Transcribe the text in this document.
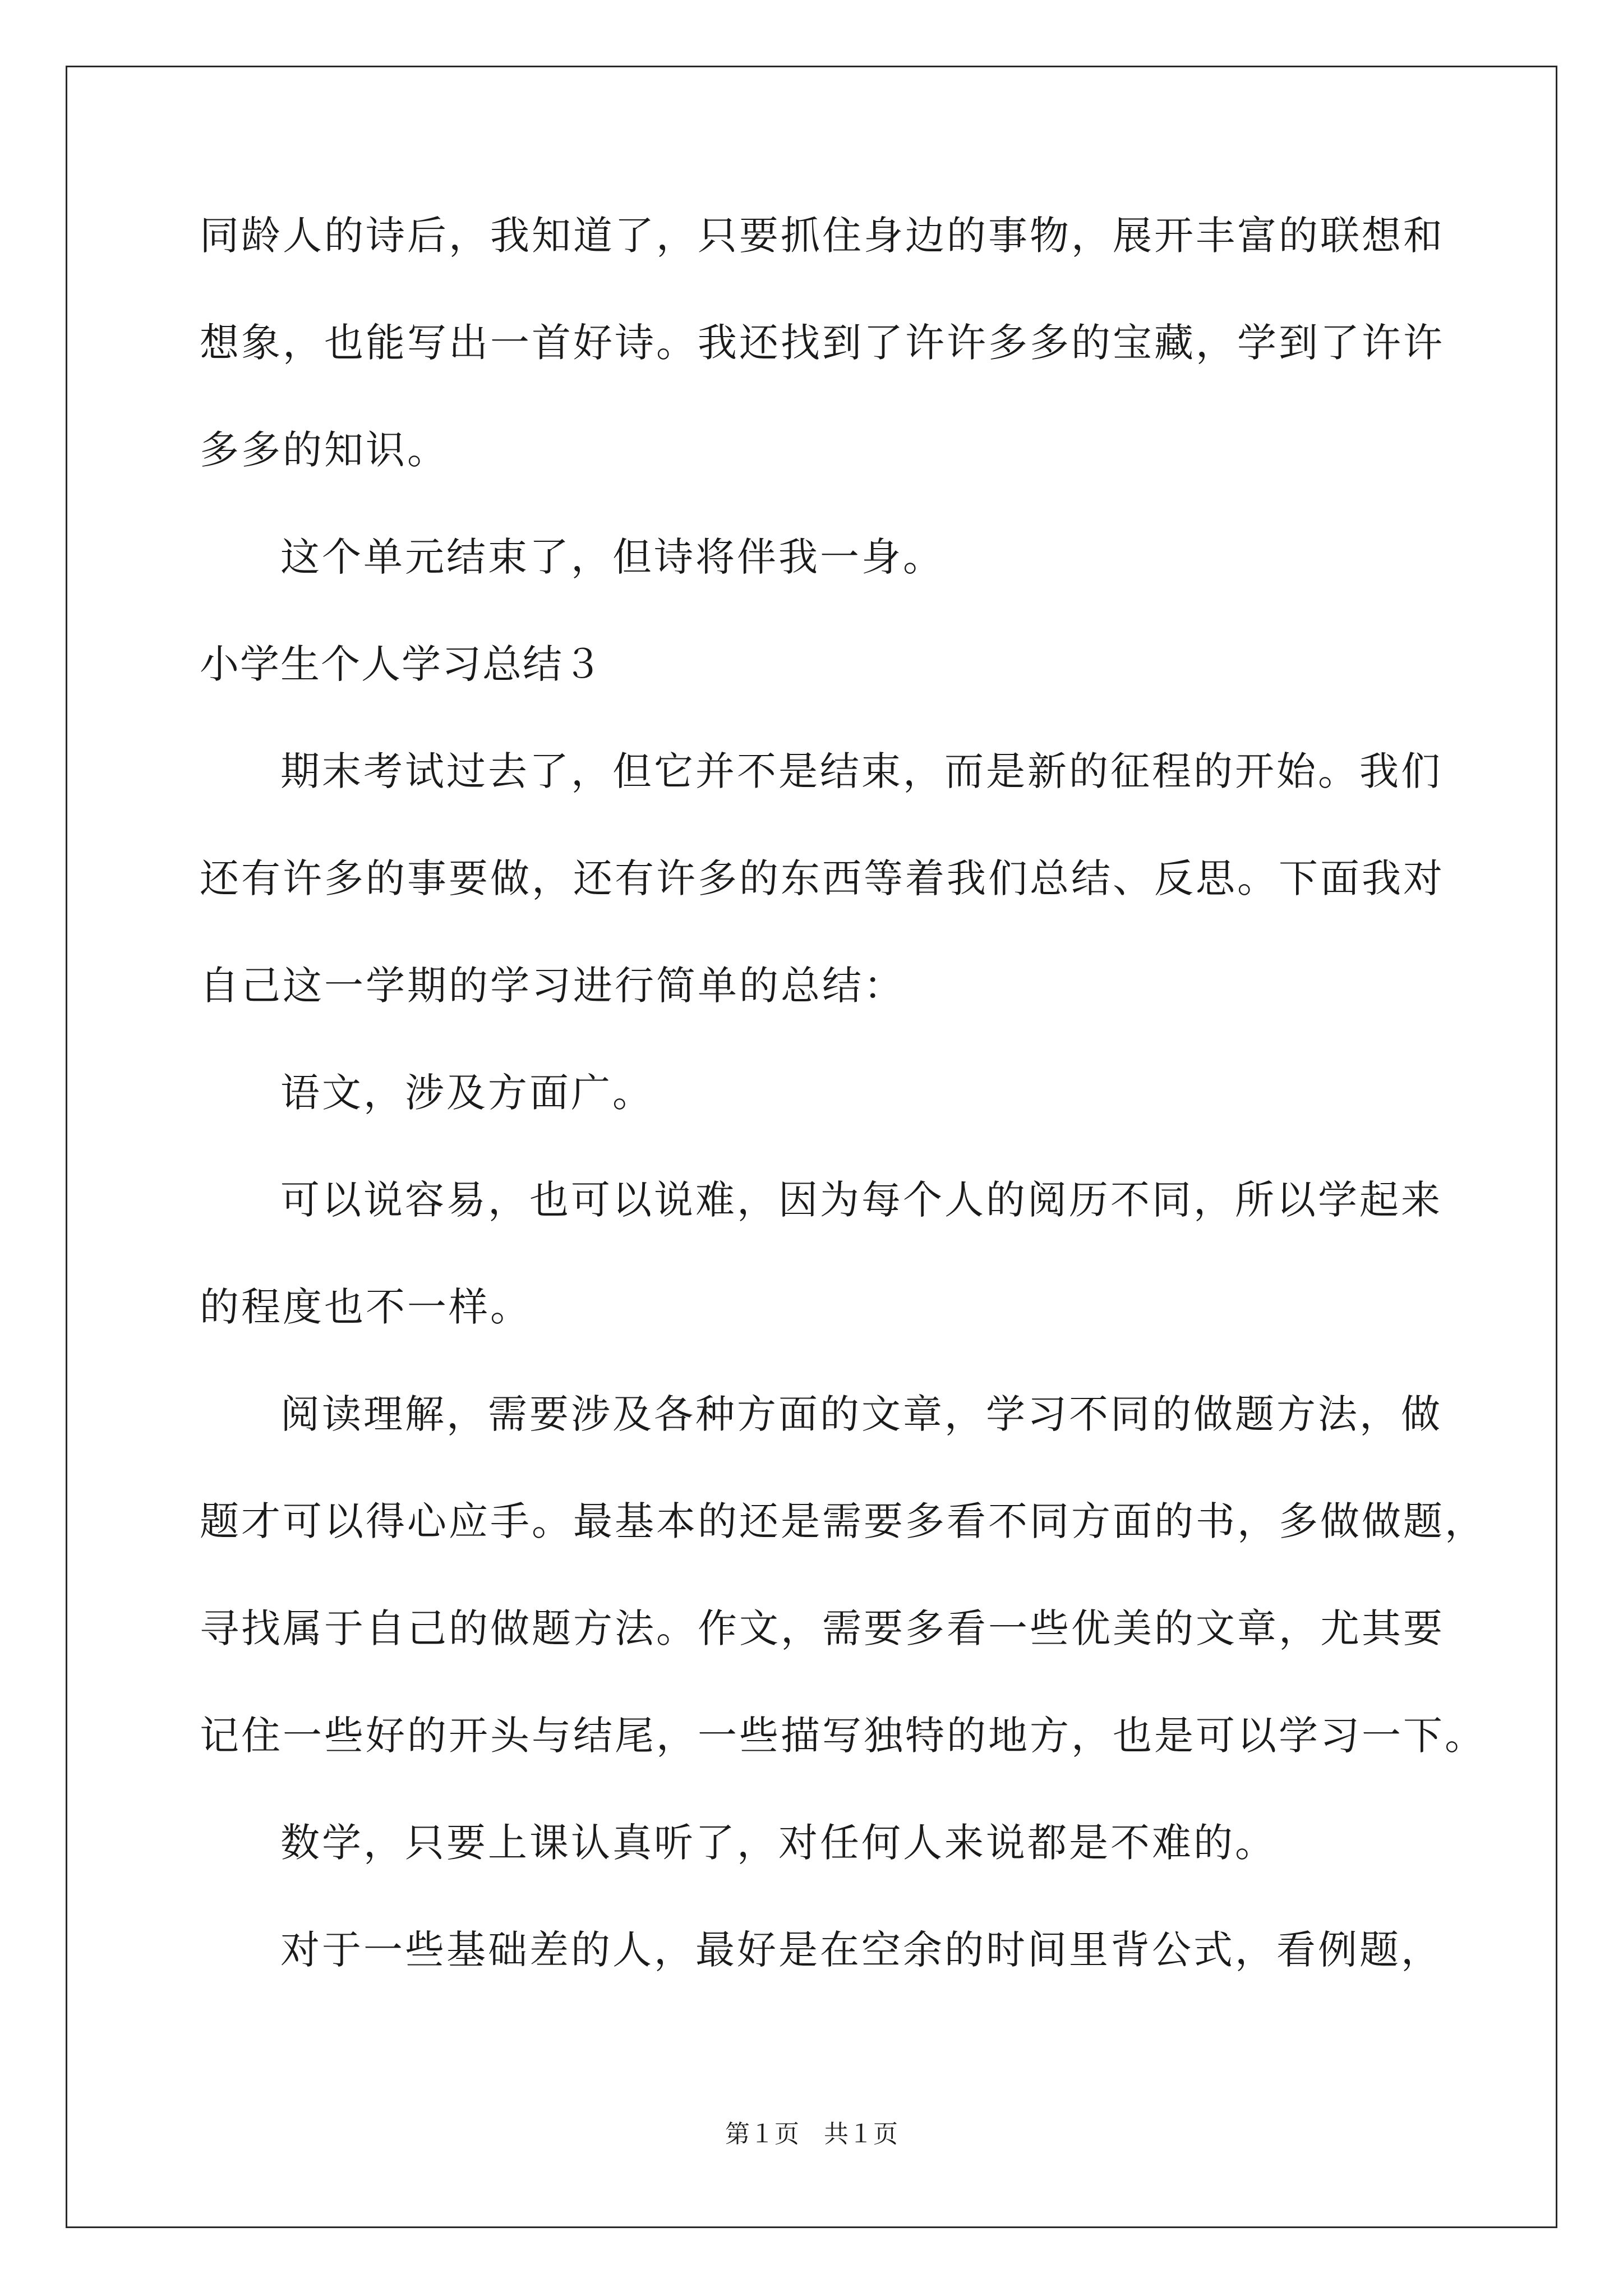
同龄人的诗后，我知道了，只要抓住身边的事物，展开丰富的联想和

想象，也能写出一首好诗。我还找到了许许多多的宝藏，学到了许许

多多的知识。

这个单元结束了，但诗将伴我一身。

小学生个人学习总结３

期末考试过去了，但它并不是结束，而是新的征程的开始。我们

还有许多的事要做，还有许多的东西等着我们总结、反思。下面我对

自己这一学期的学习进行简单的总结：

语文，涉及方面广。

可以说容易，也可以说难，因为每个人的阅历不同，所以学起来

的程度也不一样。

阅读理解，需要涉及各种方面的文章，学习不同的做题方法，做

题才可以得心应手。最基本的还是需要多看不同方面的书，多做做题，

寻找属于自己的做题方法。作文，需要多看一些优美的文章，尤其要

记住一些好的开头与结尾，一些描写独特的地方，也是可以学习一下。

数学，只要上课认真听了，对任何人来说都是不难的。

对于一些基础差的人，最好是在空余的时间里背公式，看例题，

第１页　共１页
